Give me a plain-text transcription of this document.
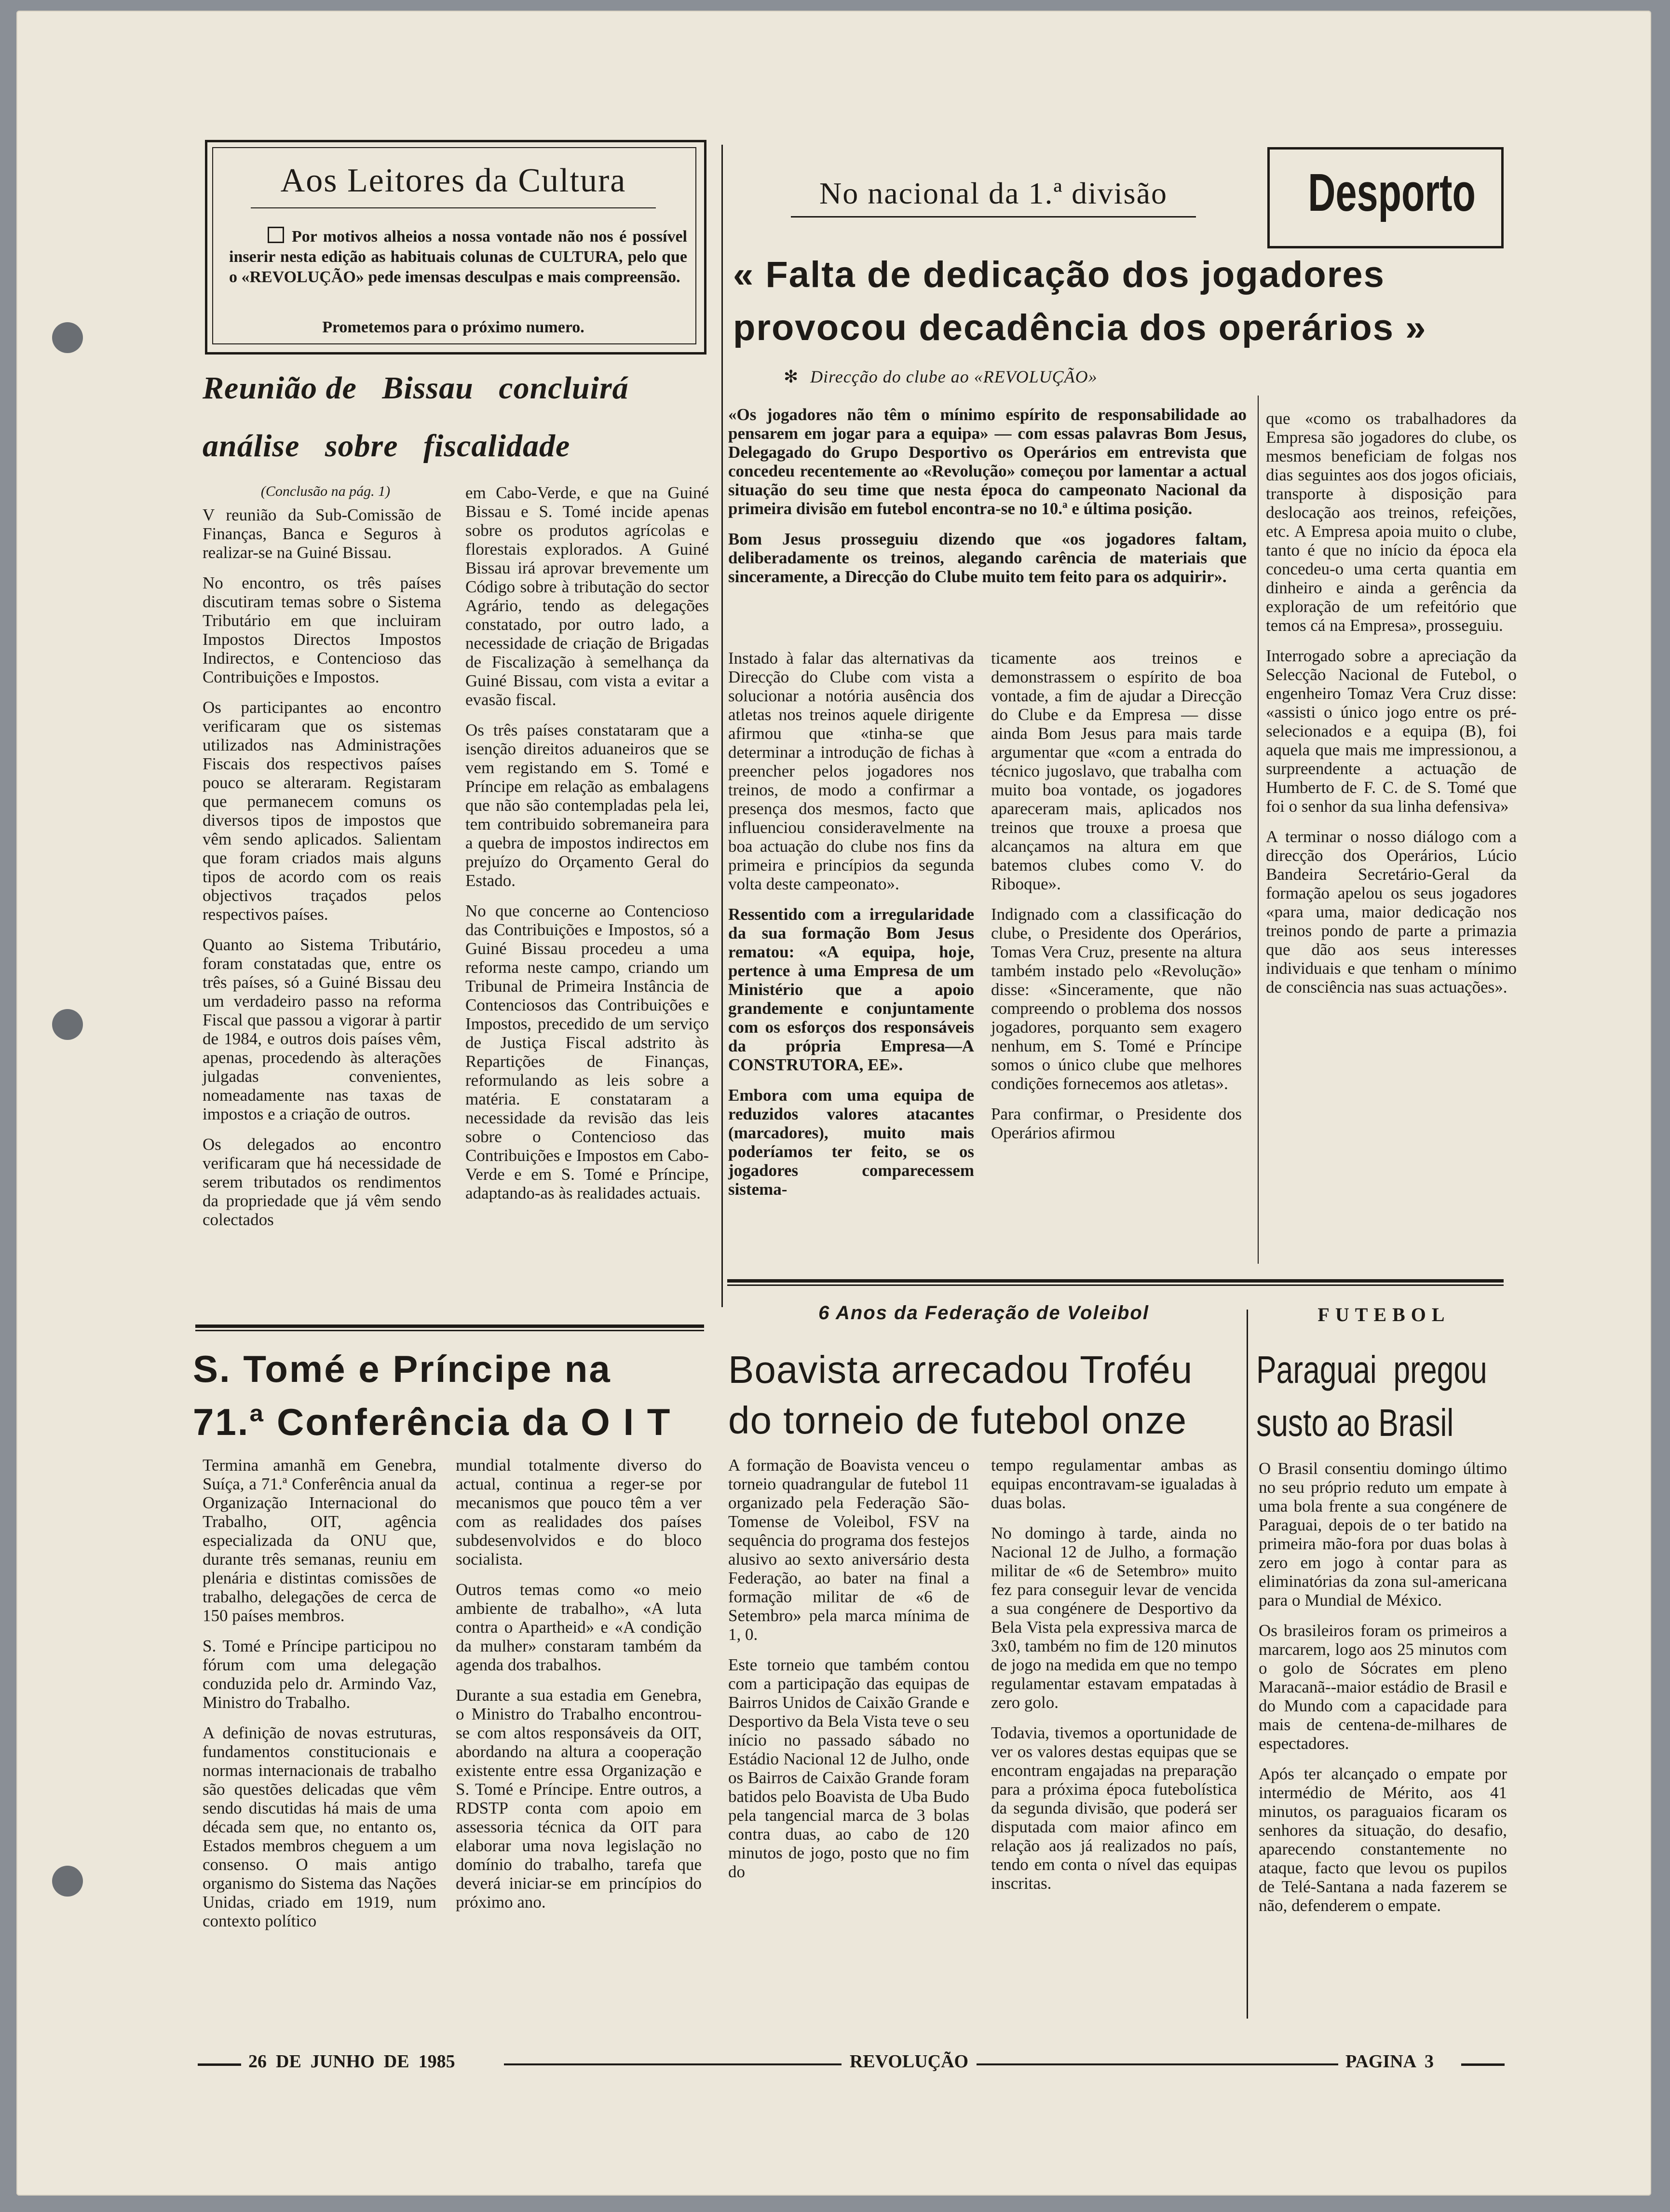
Aos Leitores da Cultura
Por motivos alheios a nossa vontade não nos é possível inserir nesta edição as habituais colunas de CULTURA, pelo que o «REVOLUÇÃO» pede imensas desculpas e mais compreensão.
Prometemos para o próximo numero.
Reunião de   Bissau   concluirá
análise   sobre   fiscalidade
(Conclusão na pág. 1)

V reunião da Sub-Comissão de Finanças, Banca e Seguros à realizar-se na Guiné Bissau.

No encontro, os três países discutiram temas sobre o Sistema Tributário em que incluiram Impostos Directos Impostos Indirectos, e Contencioso das Contribuições e Impostos.

Os participantes ao encontro verificaram que os sistemas utilizados nas Administrações Fiscais dos respectivos países pouco se alteraram. Registaram que permanecem comuns os diversos tipos de impostos que vêm sendo aplicados. Salientam que foram criados mais alguns tipos de acordo com os reais objectivos traçados pelos respectivos países.

Quanto ao Sistema Tributário, foram constatadas que, entre os três países, só a Guiné Bissau deu um verdadeiro passo na reforma Fiscal que passou a vigorar à partir de 1984, e outros dois países vêm, apenas, procedendo às alterações julgadas convenientes, nomeadamente nas taxas de impostos e a criação de outros.

Os delegados ao encontro verificaram que há necessidade de serem tributados os rendimentos da propriedade que já vêm sendo colectados

em Cabo-Verde, e que na Guiné Bissau e S. Tomé incide apenas sobre os produtos agrícolas e florestais explorados. A Guiné Bissau irá aprovar brevemente um Código sobre à tributação do sector Agrário, tendo as delegações constatado, por outro lado, a necessidade de criação de Brigadas de Fiscalização à semelhança da Guiné Bissau, com vista a evitar a evasão fiscal.

Os três países constataram que a isenção direitos aduaneiros que se vem registando em S. Tomé e Príncipe em relação as embalagens que não são contempladas pela lei, tem contribuido sobremaneira para a quebra de impostos indirectos em prejuízo do Orçamento Geral do Estado.

No que concerne ao Contencioso das Contribuições e Impostos, só a Guiné Bissau procedeu a uma reforma neste campo, criando um Tribunal de Primeira Instância de Contenciosos das Contribuições e Impostos, precedido de um serviço de Justiça Fiscal adstrito às Repartições de Finanças, reformulando as leis sobre a matéria. E constataram a necessidade da revisão das leis sobre o Contencioso das Contribuições e Impostos em Cabo-Verde e em S. Tomé e Príncipe, adaptando-as às realidades actuais.

No nacional da 1.ª divisão	Desporto
« Falta de dedicação dos jogadores
provocou decadência dos operários »
✻ Direcção do clube ao «REVOLUÇÃO»

«Os jogadores não têm o mínimo espírito de responsabilidade ao pensarem em jogar para a equipa» — com essas palavras Bom Jesus, Delegagado do Grupo Desportivo os Operários em entrevista que concedeu recentemente ao «Revolução» começou por lamentar a actual situação do seu time que nesta época do campeonato Nacional da primeira divisão em futebol encontra-se no 10.ª e última posição.

Bom Jesus prosseguiu dizendo que «os jogadores faltam, deliberadamente os treinos, alegando carência de materiais que sinceramente, a Direcção do Clube muito tem feito para os adquirir».

Instado à falar das alternativas da Direcção do Clube com vista a solucionar a notória ausência dos atletas nos treinos aquele dirigente afirmou que «tinha-se que determinar a introdução de fichas à preencher pelos jogadores nos treinos, de modo a confirmar a presença dos mesmos, facto que influenciou consideravelmente na boa actuação do clube nos fins da primeira e princípios da segunda volta deste campeonato».

Ressentido com a irregularidade da sua formação Bom Jesus rematou: «A equipa, hoje, pertence à uma Empresa de um Ministério que a apoio grandemente e conjuntamente com os esforços dos responsáveis da própria Empresa—A CONSTRUTORA, EE».

Embora com uma equipa de reduzidos valores atacantes (marcadores), muito mais poderíamos ter feito, se os jogadores comparecessem sistema-

ticamente aos treinos e demonstrassem o espírito de boa vontade, a fim de ajudar a Direcção do Clube e da Empresa — disse ainda Bom Jesus para mais tarde argumentar que «com a entrada do técnico jugoslavo, que trabalha com muito boa vontade, os jogadores apareceram mais, aplicados nos treinos que trouxe a proesa que alcançamos na altura em que batemos clubes como V. do Riboque».

Indignado com a classificação do clube, o Presidente dos Operários, Tomas Vera Cruz, presente na altura também instado pelo «Revolução» disse: «Sinceramente, que não compreendo o problema dos nossos jogadores, porquanto sem exagero nenhum, em S. Tomé e Príncipe somos o único clube que melhores condições fornecemos aos atletas».

Para confirmar, o Presidente dos Operários afirmou

que «como os trabalhadores da Empresa são jogadores do clube, os mesmos beneficiam de folgas nos dias seguintes aos dos jogos oficiais, transporte à disposição para deslocação aos treinos, refeições, etc. A Empresa apoia muito o clube, tanto é que no início da época ela concedeu-o uma certa quantia em dinheiro e ainda a gerência da exploração de um refeitório que temos cá na Empresa», prosseguiu.

Interrogado sobre a apreciação da Selecção Nacional de Futebol, o engenheiro Tomaz Vera Cruz disse: «assisti o único jogo entre os pré-selecionados e a equipa (B), foi aquela que mais me impressionou, a surpreendente a actuação de Humberto de F. C. de S. Tomé que foi o senhor da sua linha defensiva»

A terminar o nosso diálogo com a direcção dos Operários, Lúcio Bandeira Secretário-Geral da formação apelou os seus jogadores «para uma, maior dedicação nos treinos pondo de parte a primazia que dão aos seus interesses individuais e que tenham o mínimo de consciência nas suas actuações».

S. Tomé e Príncipe na
71.ª Conferência da O I T

Termina amanhã em Genebra, Suíça, a 71.ª Conferência anual da Organização Internacional do Trabalho, OIT, agência especializada da ONU que, durante três semanas, reuniu em plenária e distintas comissões de trabalho, delegações de cerca de 150 países membros.

S. Tomé e Príncipe participou no fórum com uma delegação conduzida pelo dr. Armindo Vaz, Ministro do Trabalho.

A definição de novas estruturas, fundamentos constitucionais e normas internacionais de trabalho são questões delicadas que vêm sendo discutidas há mais de uma década sem que, no entanto os, Estados membros cheguem a um consenso. O mais antigo organismo do Sistema das Nações Unidas, criado em 1919, num contexto político

mundial totalmente diverso do actual, continua a reger-se por mecanismos que pouco têm a ver com as realidades dos países subdesenvolvidos e do bloco socialista.

Outros temas como «o meio ambiente de trabalho», «A luta contra o Apartheid» e «A condição da mulher» constaram também da agenda dos trabalhos.

Durante a sua estadia em Genebra, o Ministro do Trabalho encontrou-se com altos responsáveis da OIT, abordando na altura a cooperação existente entre essa Organização e S. Tomé e Príncipe. Entre outros, a RDSTP conta com apoio em assessoria técnica da OIT para elaborar uma nova legislação no domínio do trabalho, tarefa que deverá iniciar-se em princípios do próximo ano.

6 Anos da Federação de Voleibol
Boavista arrecadou Troféu
do torneio de futebol onze

A formação de Boavista venceu o torneio quadrangular de futebol 11 organizado pela Federação São-Tomense de Voleibol, FSV na sequência do programa dos festejos alusivo ao sexto aniversário desta Federação, ao bater na final a formação militar de «6 de Setembro» pela marca mínima de 1, 0.

Este torneio que também contou com a participação das equipas de Bairros Unidos de Caixão Grande e Desportivo da Bela Vista teve o seu início no passado sábado no Estádio Nacional 12 de Julho, onde os Bairros de Caixão Grande foram batidos pelo Boavista de Uba Budo pela tangencial marca de 3 bolas contra duas, ao cabo de 120 minutos de jogo, posto que no fim do

tempo regulamentar ambas as equipas encontravam-se igualadas à duas bolas.

No domingo à tarde, ainda no Nacional 12 de Julho, a formação militar de «6 de Setembro» muito fez para conseguir levar de vencida a sua congénere de Desportivo da Bela Vista pela expressiva marca de 3x0, também no fim de 120 minutos de jogo na medida em que no tempo regulamentar estavam empatadas à zero golo.

Todavia, tivemos a oportunidade de ver os valores destas equipas que se encontram engajadas na preparação para a próxima época futebolística da segunda divisão, que poderá ser disputada com maior afinco em relação aos já realizados no país, tendo em conta o nível das equipas inscritas.

FUTEBOL
Paraguai  pregou
susto ao Brasil

O Brasil consentiu domingo último no seu próprio reduto um empate à uma bola frente a sua congénere de Paraguai, depois de o ter batido na primeira mão-fora por duas bolas à zero em jogo à contar para as eliminatórias da zona sul-americana para o Mundial de México.

Os brasileiros foram os primeiros a marcarem, logo aos 25 minutos com o golo de Sócrates em pleno Maracanã--maior estádio de Brasil e do Mundo com a capacidade para mais de centena-de-milhares de espectadores.

Após ter alcançado o empate por intermédio de Mérito, aos 41 minutos, os paraguaios ficaram os senhores da situação, do desafio, aparecendo constantemente no ataque, facto que levou os pupilos de Telé-Santana a nada fazerem se não, defenderem o empate.

26  DE  JUNHO  DE  1985	REVOLUÇÃO	PAGINA  3
